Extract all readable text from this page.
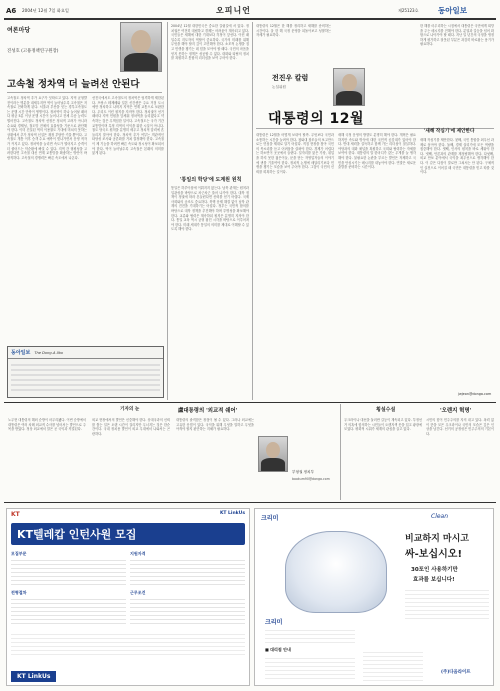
A6 2004년 12월 7일 화요일	오피니언	제25123호	동아일보
여론마당
진성호 (고용정책연구원장)
고속철 정차역 더 늘려선 안된다
고속철도 정차역 추가 요구가 잇따르고 있다. 지역 균형발전이라는 명분을 내세우지만 역이 늘어날수록 고속철은 저속철로 전락하게 된다. 서울과 부산을 잇는 경부고속철도는 운행 시간 단축이 생명이다. 정차역이 하나 늘어날 때마다 평균 5분 이상 운행 시간이 늘어나고 전체 수송 능력도 떨어진다. 고속철도 정차역 선정은 정치적 고려가 아니라 수요와 경제성, 철도망 전체의 효율성을 기준으로 판단해야 한다. 이미 건설된 역의 이용률도 기대에 미치지 못하는 상황에서 추가 정차역 신설은 재정 부담만 키울 뿐이다. 고속철도 개통 이후 승객 수요 예측이 빗나가면서 운영 적자가 커지고 있다. 정차역을 늘리면 속도가 떨어지고 승객이 더 줄어드는 악순환에 빠질 수 있다. 지역 간 형평성을 고려한다면 고속철 대신 연계 교통망을 확충하는 방안이 바람직하다. 고속철의 경쟁력은 빠른 속도에서 나온다.
선진국에서도 고속철도의 정차역은 엄격하게 제한된다. 프랑스 테제베와 일본 신칸센은 주요 거점 도시에만 정차하고 나머지 지역은 연계 교통으로 보완한다. 우리도 이런 원칙을 지켜야 한다. 정치권이 선거 때마다 지역 민원을 앞세워 정차역을 늘리겠다고 약속하는 것은 무책임한 일이다. 고속철도는 국가 기간 교통망이며 특정 지역의 이익을 위한 시설이 아니다. 철도 당국도 원칙을 분명히 세우고 정치적 압력에 흔들리지 말아야 한다. 정차역 추가 여부는 객관적인 타당성 조사와 공론화를 거쳐 결정해야 한다. 고속철이 제 기능을 하려면 빠른 속도와 정시성이 확보되어야 한다. 역이 늘어날수록 고속철은 본래의 의미를 잃게 된다.
동아일보 The Dong-A Ilbo
2004년 12월 대한민국은 중요한 갈림길에 서 있다. 정치권은 여전히 대립하고 경제는 어려움이 계속되고 있다. 국민들은 새해에 대한 기대보다 걱정이 앞선다. 이런 때일수록 지도자의 역할이 중요하다. 국가의 미래를 위해 무엇을 해야 할지 깊이 고민해야 한다. 소모적 논쟁을 접고 민생을 챙기는 데 힘을 모아야 할 때다. 국민의 마음을 얻지 못하는 정책은 성공할 수 없다. 대화와 타협의 정치를 복원하고 통합의 리더십을 보여 주어야 한다.
'통일의 학당'에 도계원 원칙
통일은 하루아침에 이뤄지지 않는다. 남북 관계는 원칙과 일관성을 바탕으로 차근차근 풀어 나가야 한다. 대북 정책이 정권에 따라 흔들린다면 신뢰를 얻기 어렵다. 국제사회와의 공조도 중요하다. 북핵 문제 해결 없이 남북 관계의 진전을 기대하기는 어렵다. 정부는 국민적 합의를 바탕으로 대북 정책을 추진해야 하며 투명성을 확보해야 한다. 교류와 협력은 계속하되 원칙은 분명히 지켜야 한다. 통일 교육 역시 균형 잡힌 시각을 바탕으로 이루어져야 한다. 미래 세대가 통일의 의미를 제대로 이해할 수 있도록 해야 한다.
대통령의 12월은 한 해를 정리하고 새해를 준비하는 시간이다. 올 한 해 국정 운영을 되돌아보고 성찰하는 자세가 필요하다.
전진우 칼럼
논설위원
한 해를 마무리하는 시점에서 대통령은 국민에게 희망을 주는 메시지를 전해야 한다. 분열과 갈등을 넘어 화합으로 나아가야 할 때다. 지난 일 년간의 국정을 냉정하게 평가하고 잘못된 부분은 과감히 바로잡는 용기가 필요하다.
대통령의 12월
대통령은 12월을 어떻게 보내야 할까. 무엇보다 국민과 소통하는 시간을 늘려야 한다. 청와대 참모들의 보고만으로는 민심을 제대로 알기 어렵다. 직접 현장을 찾아 국민의 목소리를 듣고 어려움을 살펴야 한다. 경제가 어렵다는 하소연이 곳곳에서 들린다. 일자리를 잃은 가장, 취업을 하지 못한 젊은이들, 문을 닫는 자영업자들의 이야기에 귀를 기울여야 한다. 정치적 논쟁에 매달리기보다 민생을 챙기는 모습을 보여 주어야 한다. 그것이 국민의 신뢰를 회복하는 길이다.
새해 국정 운영의 방향도 분명히 해야 한다. 개혁은 필요하지만 속도와 방식에 대한 국민적 공감대가 있어야 한다. 반대 세력을 설득하고 함께 가는 리더십이 절실하다. 야당과의 대화 채널을 복원하고 국회와 협력하는 자세를 보여야 한다. 대통령의 말 한마디가 갖는 무게를 늘 생각해야 한다. 불필요한 논란을 부르는 발언은 자제하고 국민을 안심시키는 메시지를 내놓아야 한다. 연말은 새로운 출발을 준비하는 시간이다.
'새해 작심기'에 제안한다
새해 작심기를 제안한다. 첫째, 국민 통합을 최우선 과제로 삼아야 한다. 둘째, 경제 살리기에 모든 역량을 집중해야 한다. 셋째, 인사의 원칙을 바로 세워야 한다. 넷째, 언론과의 관계를 재정립해야 한다. 다섯째, 외교 안보 분야에서 국익을 최우선으로 생각해야 한다. 이 같은 다짐이 말로만 그쳐서는 안 된다. 구체적인 실천으로 이어질 때 국민은 대통령을 믿고 따를 것이다.
jwjeon@donga.com
기자의 눈	盧대통령의 '외교적 쉐어'
노무현 대통령의 해외 순방이 마무리됐다. 이번 순방에서 대통령은 여러 차례 외교적 수사를 넘어서는 발언으로 주목을 받았다. 정상 외교에서 말은 곧 국익과 직결된다.
외교 현장에서의 발언은 신중해야 한다. 상대국과의 신뢰를 쌓는 일은 오랜 시간이 걸리지만 무너지는 것은 한순간이다. 국내 정치용 발언이 외교 무대에서 나와서는 곤란하다.
대통령의 솔직함은 장점이 될 수 있다. 그러나 외교에는 고유한 문법이 있다. 국익을 위해 무엇을 말하고 무엇을 아껴야 할지 판단하는 지혜가 필요하다.
부형권 정치부
bookum90@donga.com
횡설수설
우크라이나 대선을 둘러싼 갈등이 계속되고 있다. 부정선거 의혹에 항의하는 시민들이 오렌지색 옷을 입고 광장에 모였다. 평화적 시위가 세계의 관심을 끌고 있다.
'오렌지 혁명'
시민의 힘이 민주주의를 지켜 내고 있다. 폭력 없이 뜻을 모은 우크라이나 국민의 모습은 깊은 인상을 남긴다. 선거의 공정성은 민주주의의 기본이다.
KT	KT LinkUs
KT텔레캅 인턴사원 모집
모집부문
전형절차
지원자격
근무조건
KT LinkUs
크리미	Clean
비교하지 마시고
싸-보십시오!
30포인 사용하기만
효과를 보십니다!
크리미
■ 대리점 안내
(주)다움라이프
